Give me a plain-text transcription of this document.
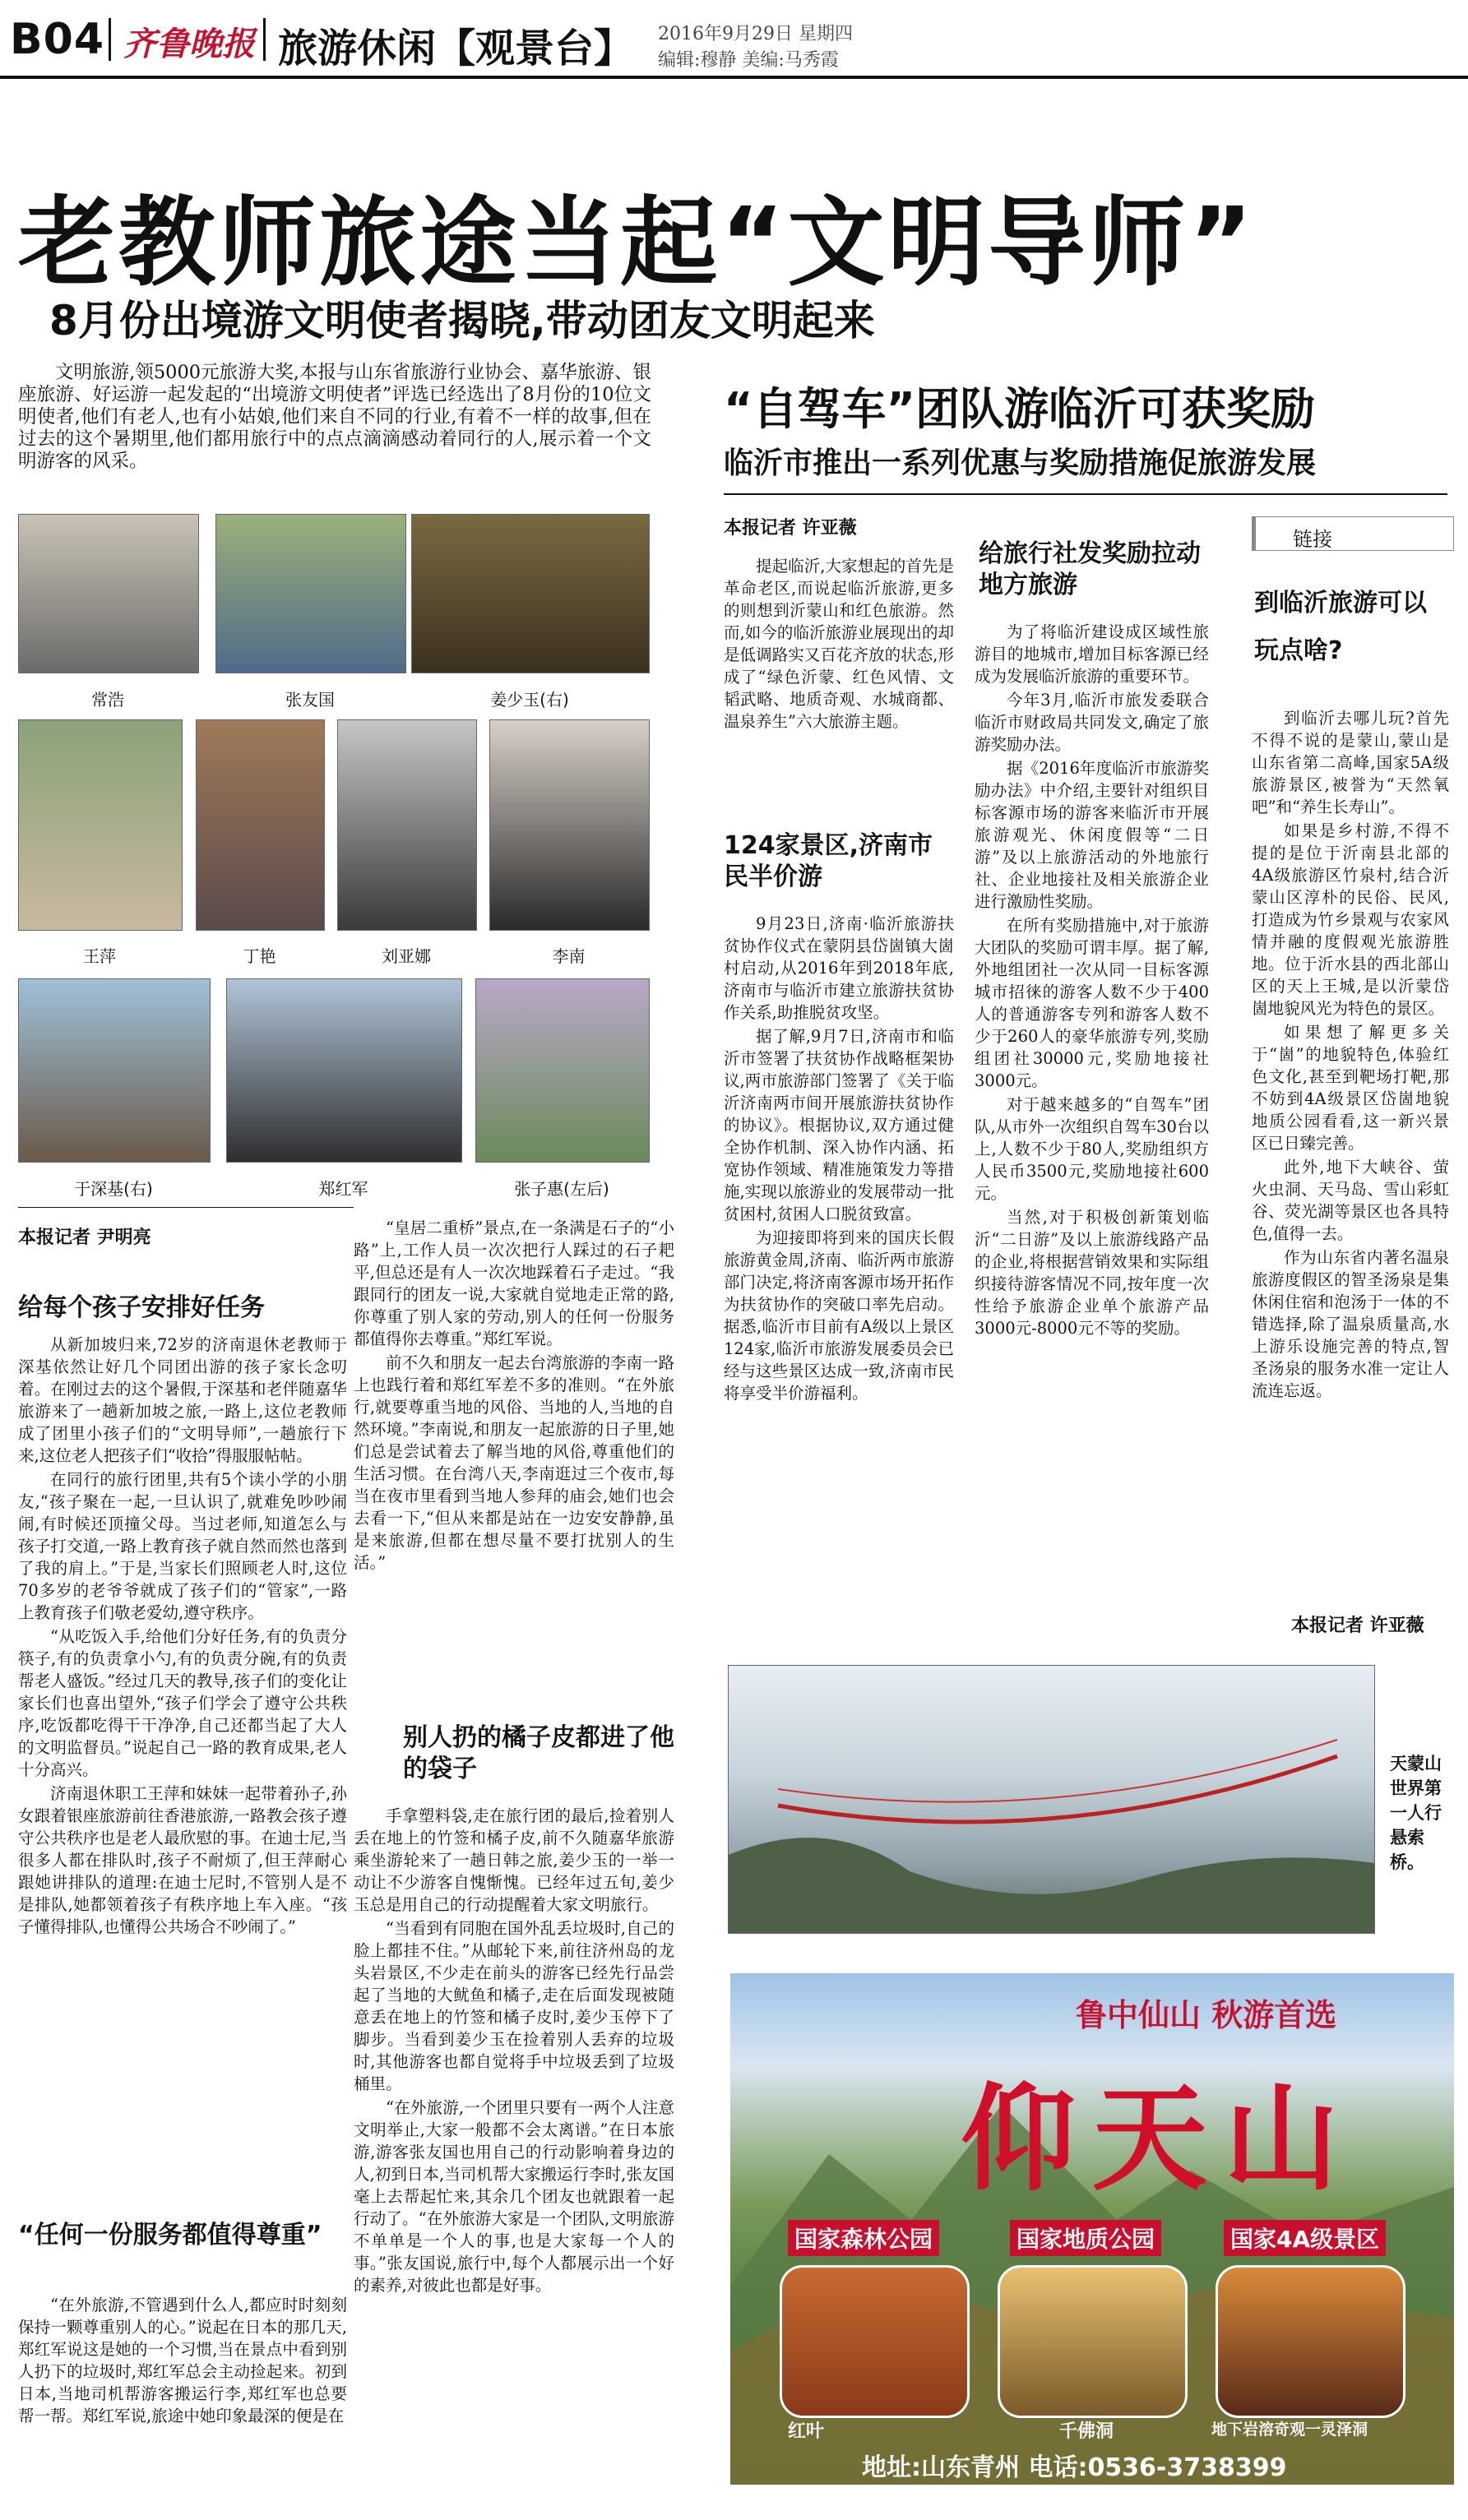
B04 齐鲁晚报 旅游休闲【观景台】 2016年9月29日 星期四
编辑:穆静 美编:马秀霞
老教师旅途当起“文明导师”
8月份出境游文明使者揭晓,带动团友文明起来
文明旅游,领5000元旅游大奖,本报与山东省旅游行业协会、嘉华旅游、银座旅游、好运游一起发起的“出境游文明使者”评选已经选出了8月份的10位文明使者,他们有老人,也有小姑娘,他们来自不同的行业,有着不一样的故事,但在过去的这个暑期里,他们都用旅行中的点点滴滴感动着同行的人,展示着一个文明游客的风采。
常浩	张友国	姜少玉(右)
王萍	丁艳	刘亚娜	李南
于深基(右)	郑红军	张子惠(左后)
本报记者 尹明亮
给每个孩子安排好任务

从新加坡归来,72岁的济南退休老教师于深基依然让好几个同团出游的孩子家长念叨着。在刚过去的这个暑假,于深基和老伴随嘉华旅游来了一趟新加坡之旅,一路上,这位老教师成了团里小孩子们的“文明导师”,一趟旅行下来,这位老人把孩子们“收拾”得服服帖帖。

在同行的旅行团里,共有5个读小学的小朋友,“孩子聚在一起,一旦认识了,就难免吵吵闹闹,有时候还顶撞父母。当过老师,知道怎么与孩子打交道,一路上教育孩子就自然而然也落到了我的肩上。”于是,当家长们照顾老人时,这位70多岁的老爷爷就成了孩子们的“管家”,一路上教育孩子们敬老爱幼,遵守秩序。

“从吃饭入手,给他们分好任务,有的负责分筷子,有的负责拿小勺,有的负责分碗,有的负责帮老人盛饭。”经过几天的教导,孩子们的变化让家长们也喜出望外,“孩子们学会了遵守公共秩序,吃饭都吃得干干净净,自己还都当起了大人的文明监督员。”说起自己一路的教育成果,老人十分高兴。

济南退休职工王萍和妹妹一起带着孙子,孙女跟着银座旅游前往香港旅游,一路教会孩子遵守公共秩序也是老人最欣慰的事。在迪士尼,当很多人都在排队时,孩子不耐烦了,但王萍耐心跟她讲排队的道理:在迪士尼时,不管别人是不是排队,她都领着孩子有秩序地上车入座。“孩子懂得排队,也懂得公共场合不吵闹了。”

“任何一份服务都值得尊重”

“在外旅游,不管遇到什么人,都应时时刻刻保持一颗尊重别人的心。”说起在日本的那几天,郑红军说这是她的一个习惯,当在景点中看到别人扔下的垃圾时,郑红军总会主动捡起来。初到日本,当地司机帮游客搬运行李,郑红军也总要帮一帮。郑红军说,旅途中她印象最深的便是在

“皇居二重桥”景点,在一条满是石子的“小路”上,工作人员一次次把行人踩过的石子耙平,但总还是有人一次次地踩着石子走过。“我跟同行的团友一说,大家就自觉地走正常的路,你尊重了别人家的劳动,别人的任何一份服务都值得你去尊重。”郑红军说。

前不久和朋友一起去台湾旅游的李南一路上也践行着和郑红军差不多的准则。“在外旅行,就要尊重当地的风俗、当地的人,当地的自然环境。”李南说,和朋友一起旅游的日子里,她们总是尝试着去了解当地的风俗,尊重他们的生活习惯。在台湾八天,李南逛过三个夜市,每当在夜市里看到当地人参拜的庙会,她们也会去看一下,“但从来都是站在一边安安静静,虽是来旅游,但都在想尽量不要打扰别人的生活。”

别人扔的橘子皮都进了他的袋子

手拿塑料袋,走在旅行团的最后,捡着别人丢在地上的竹签和橘子皮,前不久随嘉华旅游乘坐游轮来了一趟日韩之旅,姜少玉的一举一动让不少游客自愧惭愧。已经年过五旬,姜少玉总是用自己的行动提醒着大家文明旅行。

“当看到有同胞在国外乱丢垃圾时,自己的脸上都挂不住。”从邮轮下来,前往济州岛的龙头岩景区,不少走在前头的游客已经先行品尝起了当地的大鱿鱼和橘子,走在后面发现被随意丢在地上的竹签和橘子皮时,姜少玉停下了脚步。当看到姜少玉在捡着别人丢弃的垃圾时,其他游客也都自觉将手中垃圾丢到了垃圾桶里。

“在外旅游,一个团里只要有一两个人注意文明举止,大家一般都不会太离谱。”在日本旅游,游客张友国也用自己的行动影响着身边的人,初到日本,当司机帮大家搬运行李时,张友国毫上去帮起忙来,其余几个团友也就跟着一起行动了。“在外旅游大家是一个团队,文明旅游不单单是一个人的事,也是大家每一个人的事。”张友国说,旅行中,每个人都展示出一个好的素养,对彼此也都是好事。

“自驾车”团队游临沂可获奖励
临沂市推出一系列优惠与奖励措施促旅游发展
本报记者 许亚薇

提起临沂,大家想起的首先是革命老区,而说起临沂旅游,更多的则想到沂蒙山和红色旅游。然而,如今的临沂旅游业展现出的却是低调路实又百花齐放的状态,形成了“绿色沂蒙、红色风情、文韬武略、地质奇观、水城商都、温泉养生”六大旅游主题。

124家景区,济南市民半价游

9月23日,济南·临沂旅游扶贫协作仪式在蒙阴县岱崮镇大崮村启动,从2016年到2018年底,济南市与临沂市建立旅游扶贫协作关系,助推脱贫攻坚。

据了解,9月7日,济南市和临沂市签署了扶贫协作战略框架协议,两市旅游部门签署了《关于临沂济南两市间开展旅游扶贫协作的协议》。根据协议,双方通过健全协作机制、深入协作内涵、拓宽协作领域、精准施策发力等措施,实现以旅游业的发展带动一批贫困村,贫困人口脱贫致富。

为迎接即将到来的国庆长假旅游黄金周,济南、临沂两市旅游部门决定,将济南客源市场开拓作为扶贫协作的突破口率先启动。据悉,临沂市目前有A级以上景区124家,临沂市旅游发展委员会已经与这些景区达成一致,济南市民将享受半价游福利。

给旅行社发奖励拉动地方旅游

为了将临沂建设成区域性旅游目的地城市,增加目标客源已经成为发展临沂旅游的重要环节。

今年3月,临沂市旅发委联合临沂市财政局共同发文,确定了旅游奖励办法。

据《2016年度临沂市旅游奖励办法》中介绍,主要针对组织目标客源市场的游客来临沂市开展旅游观光、休闲度假等“二日游”及以上旅游活动的外地旅行社、企业地接社及相关旅游企业进行激励性奖励。

在所有奖励措施中,对于旅游大团队的奖励可谓丰厚。据了解,外地组团社一次从同一目标客源城市招徕的游客人数不少于400人的普通游客专列和游客人数不少于260人的豪华旅游专列,奖励组团社30000元,奖励地接社3000元。

对于越来越多的“自驾车”团队,从市外一次组织自驾车30台以上,人数不少于80人,奖励组织方人民币3500元,奖励地接社600元。

当然,对于积极创新策划临沂“二日游”及以上旅游线路产品的企业,将根据营销效果和实际组织接待游客情况不同,按年度一次性给予旅游企业单个旅游产品3000元-8000元不等的奖励。

链接
到临沂旅游可以玩点啥?

到临沂去哪儿玩?首先不得不说的是蒙山,蒙山是山东省第二高峰,国家5A级旅游景区,被誉为“天然氧吧”和“养生长寿山”。

如果是乡村游,不得不提的是位于沂南县北部的4A级旅游区竹泉村,结合沂蒙山区淳朴的民俗、民风,打造成为竹乡景观与农家风情并融的度假观光旅游胜地。位于沂水县的西北部山区的天上王城,是以沂蒙岱崮地貌风光为特色的景区。

如果想了解更多关于“崮”的地貌特色,体验红色文化,甚至到靶场打靶,那不妨到4A级景区岱崮地貌地质公园看看,这一新兴景区已日臻完善。

此外,地下大峡谷、萤火虫洞、天马岛、雪山彩虹谷、荧光湖等景区也各具特色,值得一去。

作为山东省内著名温泉旅游度假区的智圣汤泉是集休闲住宿和泡汤于一体的不错选择,除了温泉质量高,水上游乐设施完善的特点,智圣汤泉的服务水准一定让人流连忘返。

本报记者 许亚薇
天蒙山世界第一人行悬索桥。
鲁中仙山 秋游首选
仰天山
国家森林公园	国家地质公园	国家4A级景区
红叶	千佛洞	地下岩溶奇观一灵泽洞
地址:山东青州 电话:0536-3738399
